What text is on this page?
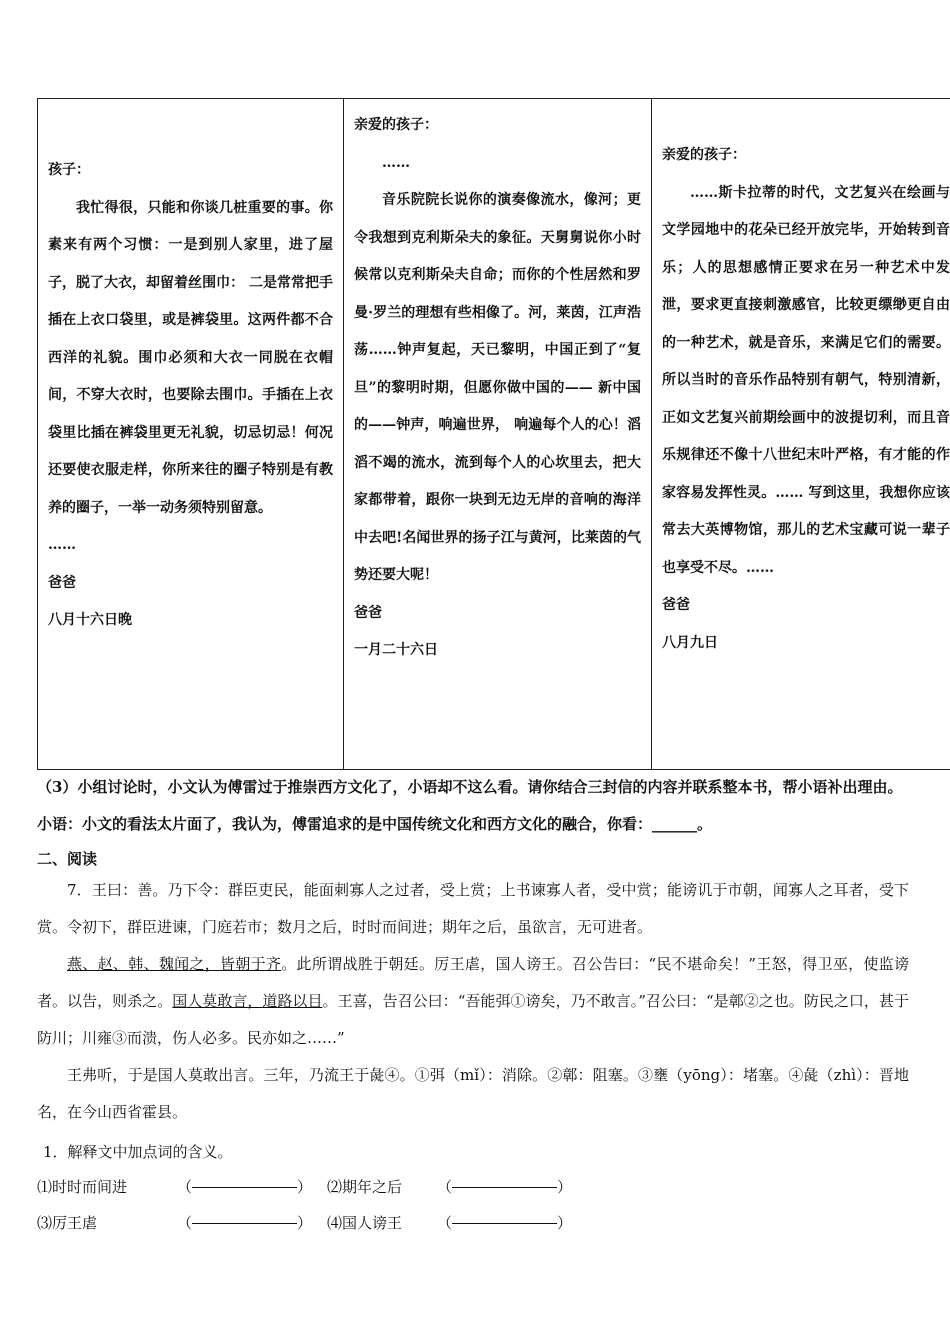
孩子：

我忙得很，只能和你谈几桩重要的事。你素来有两个习惯：一是到别人家里，进了屋子，脱了大衣，却留着丝围巾： 二是常常把手插在上衣口袋里，或是裤袋里。这两件都不合西洋的礼貌。围巾必须和大衣一同脱在衣帽间，不穿大衣时，也要除去围巾。手插在上衣袋里比插在裤袋里更无礼貌，切忌切忌！何况还要使衣服走样，你所来往的圈子特别是有教养的圈子，一举一动务须特别留意。

……

爸爸

八月十六日晚

亲爱的孩子：

……

音乐院院长说你的演奏像流水，像河；更令我想到克利斯朵夫的象征。天舅舅说你小时候常以克利斯朵夫自命；而你的个性居然和罗曼·罗兰的理想有些相像了。河，莱茵，江声浩荡……钟声复起，天已黎明，中国正到了“复旦”的黎明时期，但愿你做中国的—— 新中国的——钟声，响遍世界， 响遍每个人的心！滔滔不竭的流水，流到每个人的心坎里去，把大家都带着，跟你一块到无边无岸的音响的海洋中去吧!名闻世界的扬子江与黄河，比莱茵的气势还要大呢！

爸爸

一月二十六日

亲爱的孩子：

……斯卡拉蒂的时代，文艺复兴在绘画与文学园地中的花朵已经开放完毕，开始转到音乐；人的思想感情正要求在另一种艺术中发泄，要求更直接刺激感官，比较更缥缈更自由的一种艺术，就是音乐，来满足它们的需要。所以当时的音乐作品特别有朝气，特别清新，正如文艺复兴前期绘画中的波提切利，而且音乐规律还不像十八世纪末叶严格，有才能的作家容易发挥性灵。…… 写到这里，我想你应该常去大英博物馆，那儿的艺术宝藏可说一辈子也享受不尽。……

爸爸

八月九日

（3）小组讨论时，小文认为傅雷过于推崇西方文化了，小语却不这么看。请你结合三封信的内容并联系整本书，帮小语补出理由。

小语：小文的看法太片面了，我认为，傅雷追求的是中国传统文化和西方文化的融合，你看：______。

二、阅读

7．王曰：善。乃下令：群臣吏民，能面刺寡人之过者，受上赏；上书谏寡人者，受中赏；能谤讥于市朝，闻寡人之耳者，受下赏。令初下，群臣进谏，门庭若市；数月之后，时时而间进；期年之后，虽欲言，无可进者。

燕、赵、韩、魏闻之，皆朝于齐。此所谓战胜于朝廷。厉王虐，国人谤王。召公告曰：“民不堪命矣！”王怒，得卫巫，使监谤者。以告，则杀之。国人莫敢言，道路以目。王喜，告召公曰：“吾能弭①谤矣，乃不敢言。”召公曰：“是鄣②之也。防民之口，甚于防川；川雍③而溃，伤人必多。民亦如之……”

王弗听，于是国人莫敢出言。三年，乃流王于彘④。①弭（mǐ）：消除。②鄣：阻塞。③壅（yōng）：堵塞。④彘（zhì）：晋地名，在今山西省霍县。

1．解释文中加点词的含义。

⑴时时而间进	（	） ⑵期年之后	（	）
⑶厉王虐	（	） ⑷国人谤王	（	）
